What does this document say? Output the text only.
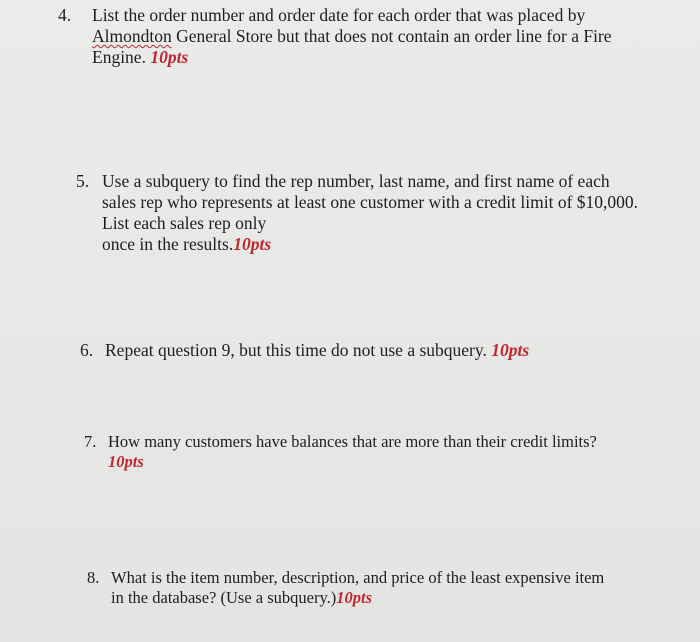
4. List the order number and order date for each order that was placed by
Almondton General Store but that does not contain an order line for a Fire
Engine. 10pts
5. Use a subquery to find the rep number, last name, and first name of each
sales rep who represents at least one customer with a credit limit of $10,000.
List each sales rep only
once in the results.10pts
6. Repeat question 9, but this time do not use a subquery. 10pts
7. How many customers have balances that are more than their credit limits?
10pts
8. What is the item number, description, and price of the least expensive item
in the database? (Use a subquery.)10pts
